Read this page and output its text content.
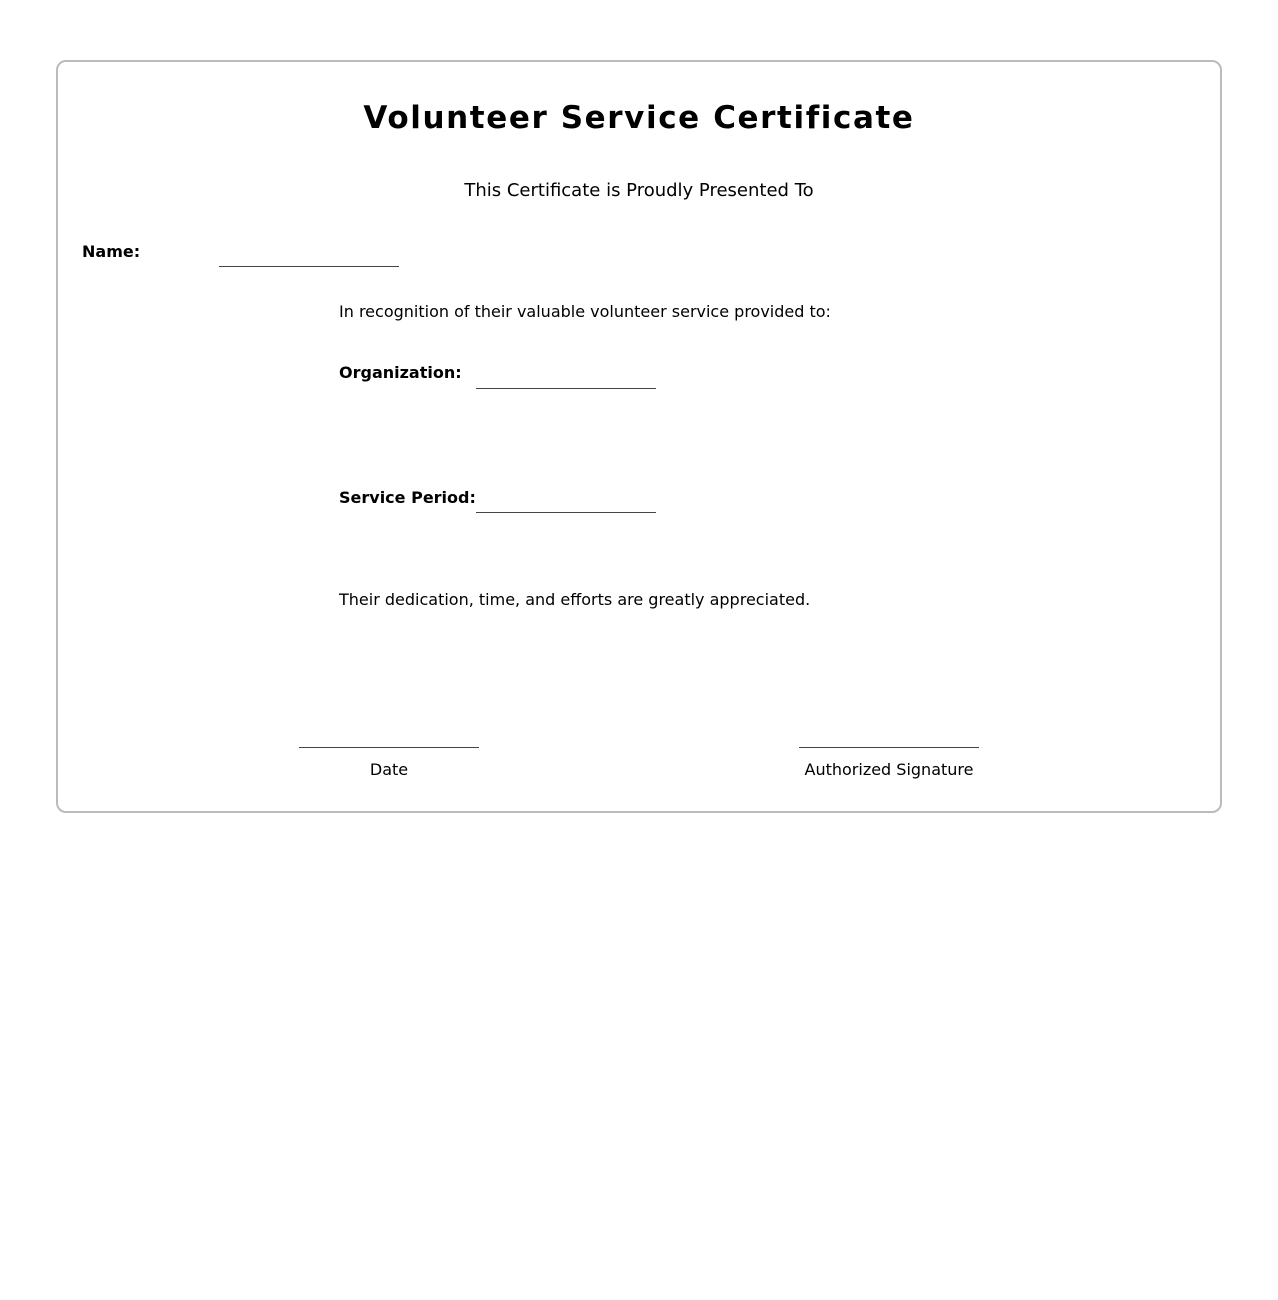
Volunteer Service Certificate
This Certificate is Proudly Presented To
Name:
In recognition of their valuable volunteer service provided to:
Organization:
Service Period:
Their dedication, time, and efforts are greatly appreciated.
Date	Authorized Signature
